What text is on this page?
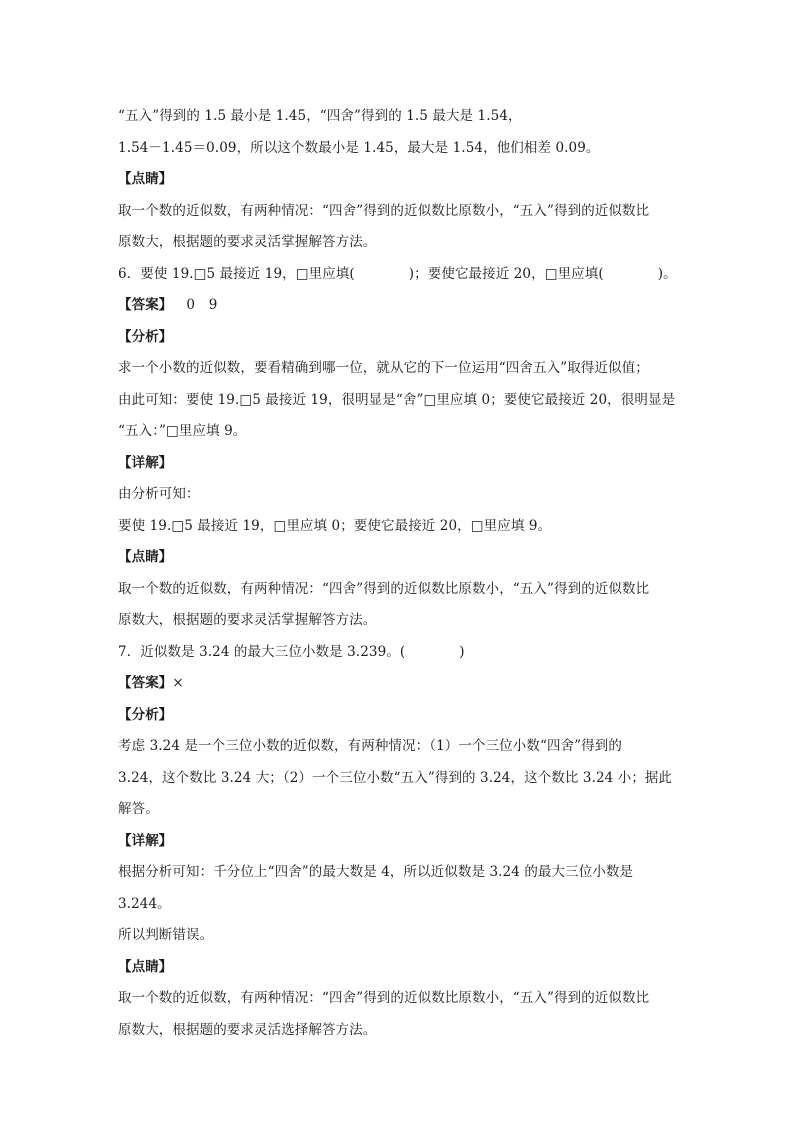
“五入”得到的 1.5 最小是 1.45，“四舍”得到的 1.5 最大是 1.54，
1.54－1.45＝0.09，所以这个数最小是 1.45，最大是 1.54，他们相差 0.09。
【点睛】
取一个数的近似数，有两种情况：“四舍”得到的近似数比原数小，“五入”得到的近似数比
原数大，根据题的要求灵活掌握解答方法。
6．要使 19.□5 最接近 19，□里应填(	)；要使它最接近 20，□里应填(	)。
【答案】 0　9
【分析】
求一个小数的近似数，要看精确到哪一位，就从它的下一位运用“四舍五入”取得近似值；
由此可知：要使 19.□5 最接近 19，很明显是“舍”□里应填 0；要使它最接近 20，很明显是
“五入：”□里应填 9。
【详解】
由分析可知：
要使 19.□5 最接近 19，□里应填 0；要使它最接近 20，□里应填 9。
【点睛】
取一个数的近似数，有两种情况：“四舍”得到的近似数比原数小，“五入”得到的近似数比
原数大，根据题的要求灵活掌握解答方法。
7．近似数是 3.24 的最大三位小数是 3.239。(	)
【答案】×
【分析】
考虑 3.24 是一个三位小数的近似数，有两种情况：（1）一个三位小数“四舍”得到的
3.24，这个数比 3.24 大；（2）一个三位小数“五入”得到的 3.24，这个数比 3.24 小；据此
解答。
【详解】
根据分析可知：千分位上“四舍”的最大数是 4，所以近似数是 3.24 的最大三位小数是
3.244。
所以判断错误。
【点睛】
取一个数的近似数，有两种情况：“四舍”得到的近似数比原数小，“五入”得到的近似数比
原数大，根据题的要求灵活选择解答方法。
